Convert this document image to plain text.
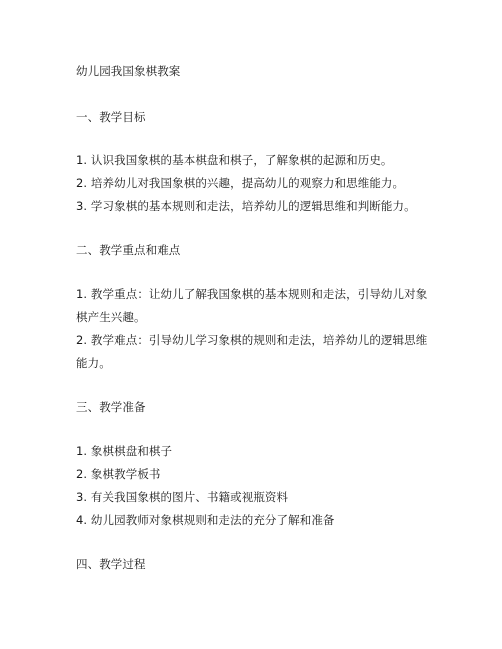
幼儿园我国象棋教案
一、教学目标
1. 认识我国象棋的基本棋盘和棋子，了解象棋的起源和历史。
2. 培养幼儿对我国象棋的兴趣，提高幼儿的观察力和思维能力。
3. 学习象棋的基本规则和走法，培养幼儿的逻辑思维和判断能力。
二、教学重点和难点
1. 教学重点：让幼儿了解我国象棋的基本规则和走法，引导幼儿对象
棋产生兴趣。
2. 教学难点：引导幼儿学习象棋的规则和走法，培养幼儿的逻辑思维
能力。
三、教学准备
1. 象棋棋盘和棋子
2. 象棋教学板书
3. 有关我国象棋的图片、书籍或视瓶资料
4. 幼儿园教师对象棋规则和走法的充分了解和准备
四、教学过程
